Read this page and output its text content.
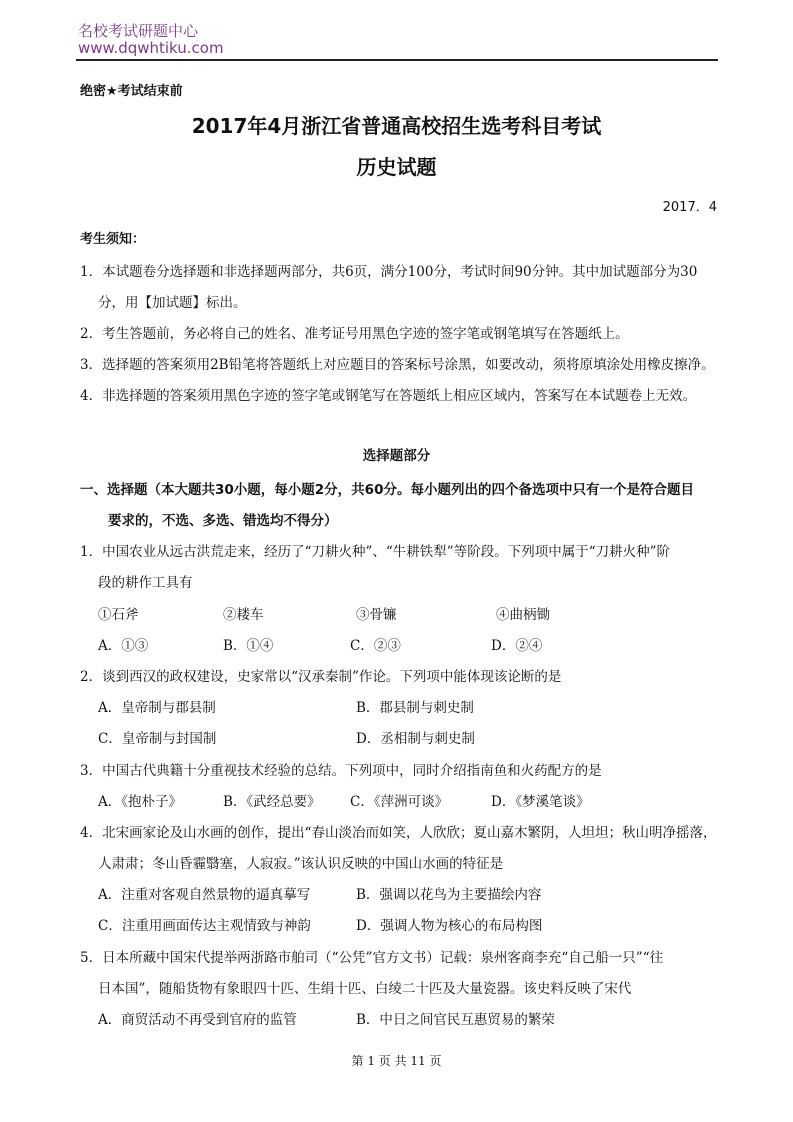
名校考试研题中心
www.dqwhtiku.com
绝密★考试结束前
2017年4月浙江省普通高校招生选考科目考试
历史试题
2017．4
考生须知：
1．本试题卷分选择题和非选择题两部分，共6页，满分100分，考试时间90分钟。其中加试题部分为30
分，用【加试题】标出。
2．考生答题前，务必将自己的姓名、准考证号用黑色字迹的签字笔或钢笔填写在答题纸上。
3．选择题的答案须用2B铅笔将答题纸上对应题目的答案标号涂黑，如要改动，须将原填涂处用橡皮擦净。
4．非选择题的答案须用黑色字迹的签字笔或钢笔写在答题纸上相应区域内，答案写在本试题卷上无效。
选择题部分
一、选择题（本大题共30小题，每小题2分，共60分。每小题列出的四个备选项中只有一个是符合题目
要求的，不选、多选、错选均不得分）
1．中国农业从远古洪荒走来，经历了“刀耕火种”、“牛耕铁犁”等阶段。下列项中属于“刀耕火种”阶
段的耕作工具有
①石斧	②耧车	③骨镰	④曲柄锄
A．①③	B．①④	C．②③	D．②④
2．谈到西汉的政权建设，史家常以“汉承秦制”作论。下列项中能体现该论断的是
A．皇帝制与郡县制	B．郡县制与刺史制
C．皇帝制与封国制	D．丞相制与刺史制
3．中国古代典籍十分重视技术经验的总结。下列项中，同时介绍指南鱼和火药配方的是
A．《抱朴子》	B．《武经总要》 C．《萍洲可谈》	D．《梦溪笔谈》
4．北宋画家论及山水画的创作，提出“春山淡冶而如笑，人欣欣；夏山嘉木繁阴，人坦坦；秋山明净摇落，
人肃肃；冬山昏霾翳塞，人寂寂。”该认识反映的中国山水画的特征是
A．注重对客观自然景物的逼真摹写	B．强调以花鸟为主要描绘内容
C．注重用画面传达主观情致与神韵	D．强调人物为核心的布局构图
5．日本所藏中国宋代提举两浙路市舶司（“公凭”官方文书）记载：泉州客商李充“自己船一只”“往
日本国”，随船货物有象眼四十匹、生绢十匹、白绫二十匹及大量瓷器。该史料反映了宋代
A．商贸活动不再受到官府的监管	B．中日之间官民互惠贸易的繁荣
第 1 页 共 11 页
